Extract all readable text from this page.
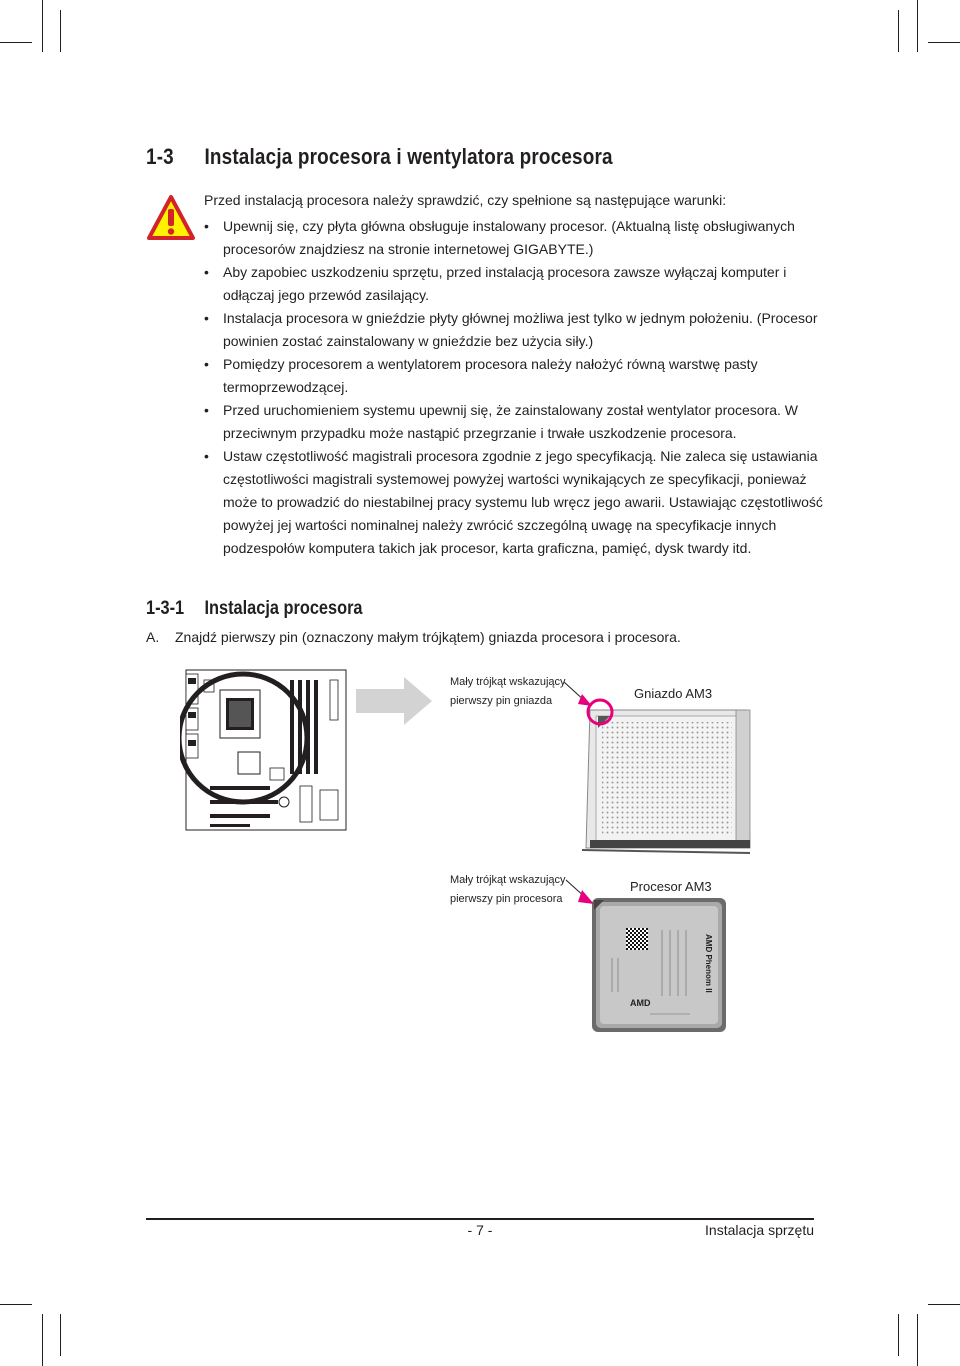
1-3 Instalacja procesora i wentylatora procesora
Przed instalacją procesora należy sprawdzić, czy spełnione są następujące warunki:
• Upewnij się, czy płyta główna obsługuje instalowany procesor. (Aktualną listę obsługiwanych procesorów znajdziesz na stronie internetowej GIGABYTE.)
• Aby zapobiec uszkodzeniu sprzętu, przed instalacją procesora zawsze wyłączaj komputer i odłączaj jego przewód zasilający.
• Instalacja procesora w gnieździe płyty głównej możliwa jest tylko w jednym położeniu. (Procesor powinien zostać zainstalowany w gnieździe bez użycia siły.)
• Pomiędzy procesorem a wentylatorem procesora należy nałożyć równą warstwę pasty termoprzewodzącej.
• Przed uruchomieniem systemu upewnij się, że zainstalowany został wentylator procesora. W przeciwnym przypadku może nastąpić przegrzanie i trwałe uszkodzenie procesora.
• Ustaw częstotliwość magistrali procesora zgodnie z jego specyfikacją. Nie zaleca się ustawiania częstotliwości magistrali systemowej powyżej wartości wynikających ze specyfikacji, ponieważ może to prowadzić do niestabilnej pracy systemu lub wręcz jego awarii. Ustawiając częstotliwość powyżej jej wartości nominalnej należy zwrócić szczególną uwagę na specyfikacje innych podzespołów komputera takich jak procesor, karta graficzna, pamięć, dysk twardy itd.
1-3-1 Instalacja procesora
A. Znajdź pierwszy pin (oznaczony małym trójkątem) gniazda procesora i procesora.
Mały trójkąt wskazujący
pierwszy pin gniazda	Gniazdo AM3
AMD
AMD Phenom II
Mały trójkąt wskazujący
pierwszy pin procesora
Procesor AM3
- 7 -	Instalacja sprzętu
